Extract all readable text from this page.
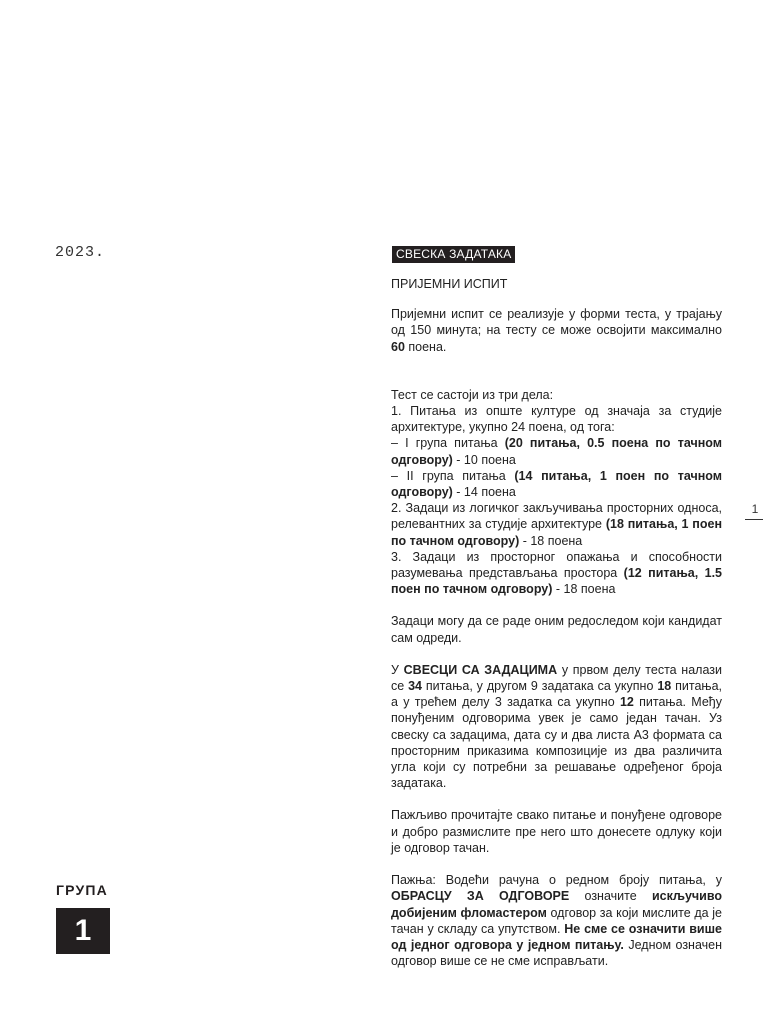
2023.	СВЕСКА ЗАДАТАКА

ПРИЈЕМНИ ИСПИТ

Пријемни испит се реализује у форми теста, у трајању од 150 минута; на тесту се може освојити максимално 60 поена.

Тест се састоји из три дела:

1. Питања из опште културе од значаја за студије архитектуре, укупно 24 поена, од тога:

– I група питања (20 питања, 0.5 поена по тачном одговору) - 10 поена

– II група питања (14 питања, 1 поен по тачном одговору) - 14 поена

2. Задаци из логичког закључивања просторних односа, релевантних за студије архитектуре (18 питања, 1 поен по тачном одговору) - 18 поена

3. Задаци из просторног опажања и способности разумевања представљања простора (12 питања, 1.5 поен по тачном одговору) - 18 поена

Задаци могу да се раде оним редоследом који кандидат сам одреди.

У СВЕСЦИ СА ЗАДАЦИМА у првом делу теста налази се 34 питања, у другом 9 задатака са укупно 18 питања, а у трећем делу 3 задатка са укупно 12 питања. Међу понуђеним одговорима увек је само један тачан. Уз свеску са задацима, дата су и два листа А3 формата са просторним приказима композиције из два различита угла који су потребни за решавање одређеног броја задатака.

Пажљиво прочитајте свако питање и понуђене одговоре и добро размислите пре него што донесете одлуку који је одговор тачан.

Пажња: Водећи рачуна о редном броју питања, у ОБРАСЦУ ЗА ОДГОВОРЕ означите искључиво добијеним фломастером одговор за који мислите да је тачан у складу са упутством. Не сме се означити више од једног одговора у једном питању. Једном означен одговор више се не сме исправљати.

1
ГРУПА
1
